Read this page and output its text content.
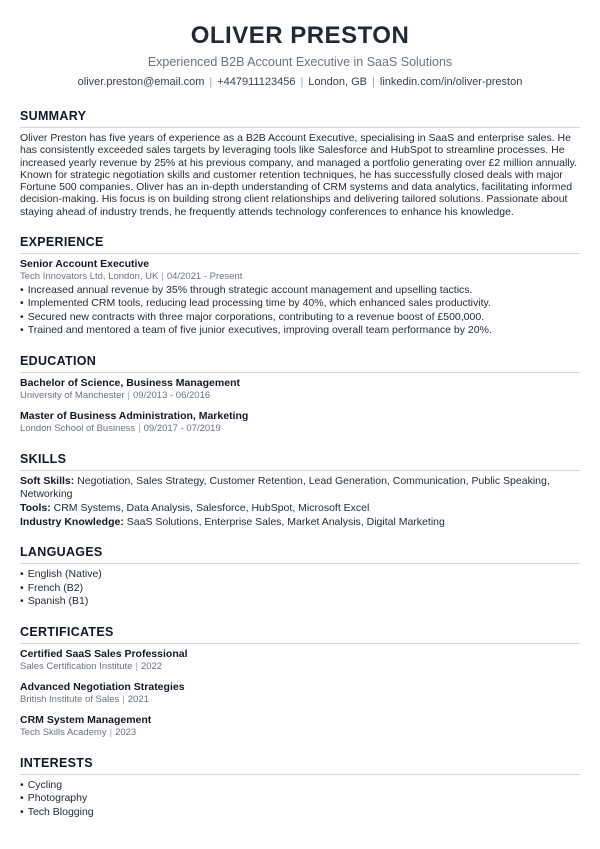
OLIVER PRESTON
Experienced B2B Account Executive in SaaS Solutions
oliver.preston@email.com | +447911123456 | London, GB | linkedin.com/in/oliver-preston
SUMMARY

Oliver Preston has five years of experience as a B2B Account Executive, specialising in SaaS and enterprise sales. He has consistently exceeded sales targets by leveraging tools like Salesforce and HubSpot to streamline processes. He increased yearly revenue by 25% at his previous company, and managed a portfolio generating over £2 million annually. Known for strategic negotiation skills and customer retention techniques, he has successfully closed deals with major Fortune 500 companies. Oliver has an in-depth understanding of CRM systems and data analytics, facilitating informed decision-making. His focus is on building strong client relationships and delivering tailored solutions. Passionate about staying ahead of industry trends, he frequently attends technology conferences to enhance his knowledge.

EXPERIENCE
Senior Account Executive
Tech Innovators Ltd, London, UK | 04/2021 - Present
• Increased annual revenue by 35% through strategic account management and upselling tactics.
• Implemented CRM tools, reducing lead processing time by 40%, which enhanced sales productivity.
• Secured new contracts with three major corporations, contributing to a revenue boost of £500,000.
• Trained and mentored a team of five junior executives, improving overall team performance by 20%.
EDUCATION
Bachelor of Science, Business Management
University of Manchester | 09/2013 - 06/2016
Master of Business Administration, Marketing
London School of Business | 09/2017 - 07/2019
SKILLS
Soft Skills: Negotiation, Sales Strategy, Customer Retention, Lead Generation, Communication, Public Speaking, Networking
Tools: CRM Systems, Data Analysis, Salesforce, HubSpot, Microsoft Excel
Industry Knowledge: SaaS Solutions, Enterprise Sales, Market Analysis, Digital Marketing
LANGUAGES
• English (Native)
• French (B2)
• Spanish (B1)
CERTIFICATES
Certified SaaS Sales Professional
Sales Certification Institute | 2022
Advanced Negotiation Strategies
British Institute of Sales | 2021
CRM System Management
Tech Skills Academy | 2023
INTERESTS
• Cycling
• Photography
• Tech Blogging
